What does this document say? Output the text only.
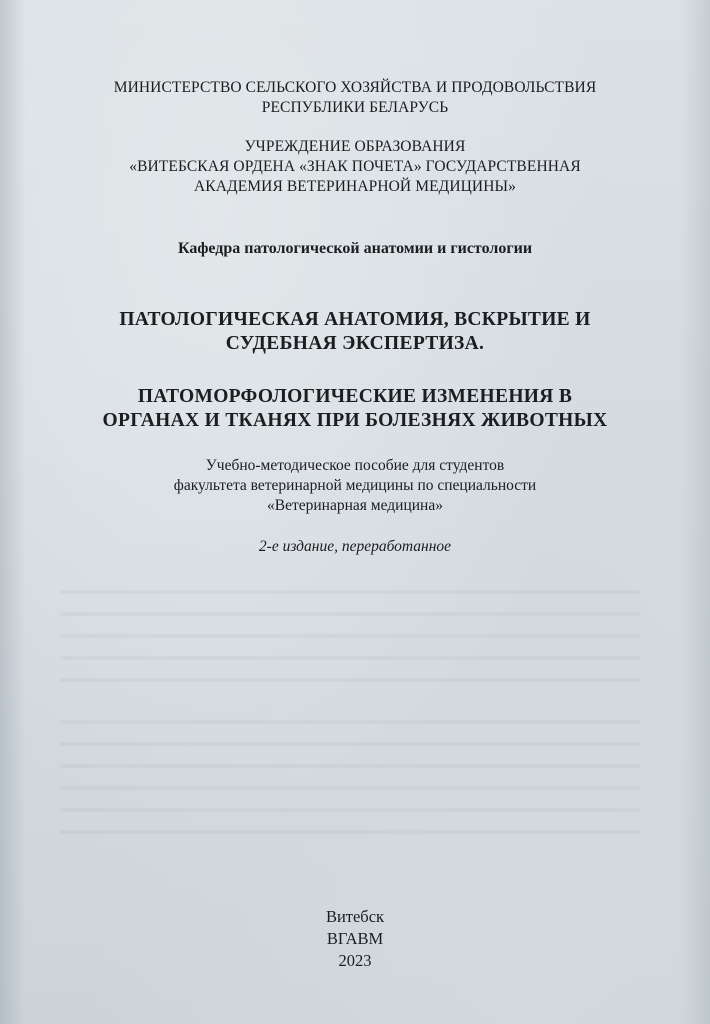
МИНИСТЕРСТВО СЕЛЬСКОГО ХОЗЯЙСТВА И ПРОДОВОЛЬСТВИЯ
РЕСПУБЛИКИ БЕЛАРУСЬ
УЧРЕЖДЕНИЕ ОБРАЗОВАНИЯ
«ВИТЕБСКАЯ ОРДЕНА «ЗНАК ПОЧЕТА» ГОСУДАРСТВЕННАЯ
АКАДЕМИЯ ВЕТЕРИНАРНОЙ МЕДИЦИНЫ»
Кафедра патологической анатомии и гистологии
ПАТОЛОГИЧЕСКАЯ АНАТОМИЯ, ВСКРЫТИЕ И
СУДЕБНАЯ ЭКСПЕРТИЗА.
ПАТОМОРФОЛОГИЧЕСКИЕ ИЗМЕНЕНИЯ В
ОРГАНАХ И ТКАНЯХ ПРИ БОЛЕЗНЯХ ЖИВОТНЫХ
Учебно-методическое пособие для студентов
факультета ветеринарной медицины по специальности
«Ветеринарная медицина»
2-е издание, переработанное
Витебск
ВГАВМ
2023
